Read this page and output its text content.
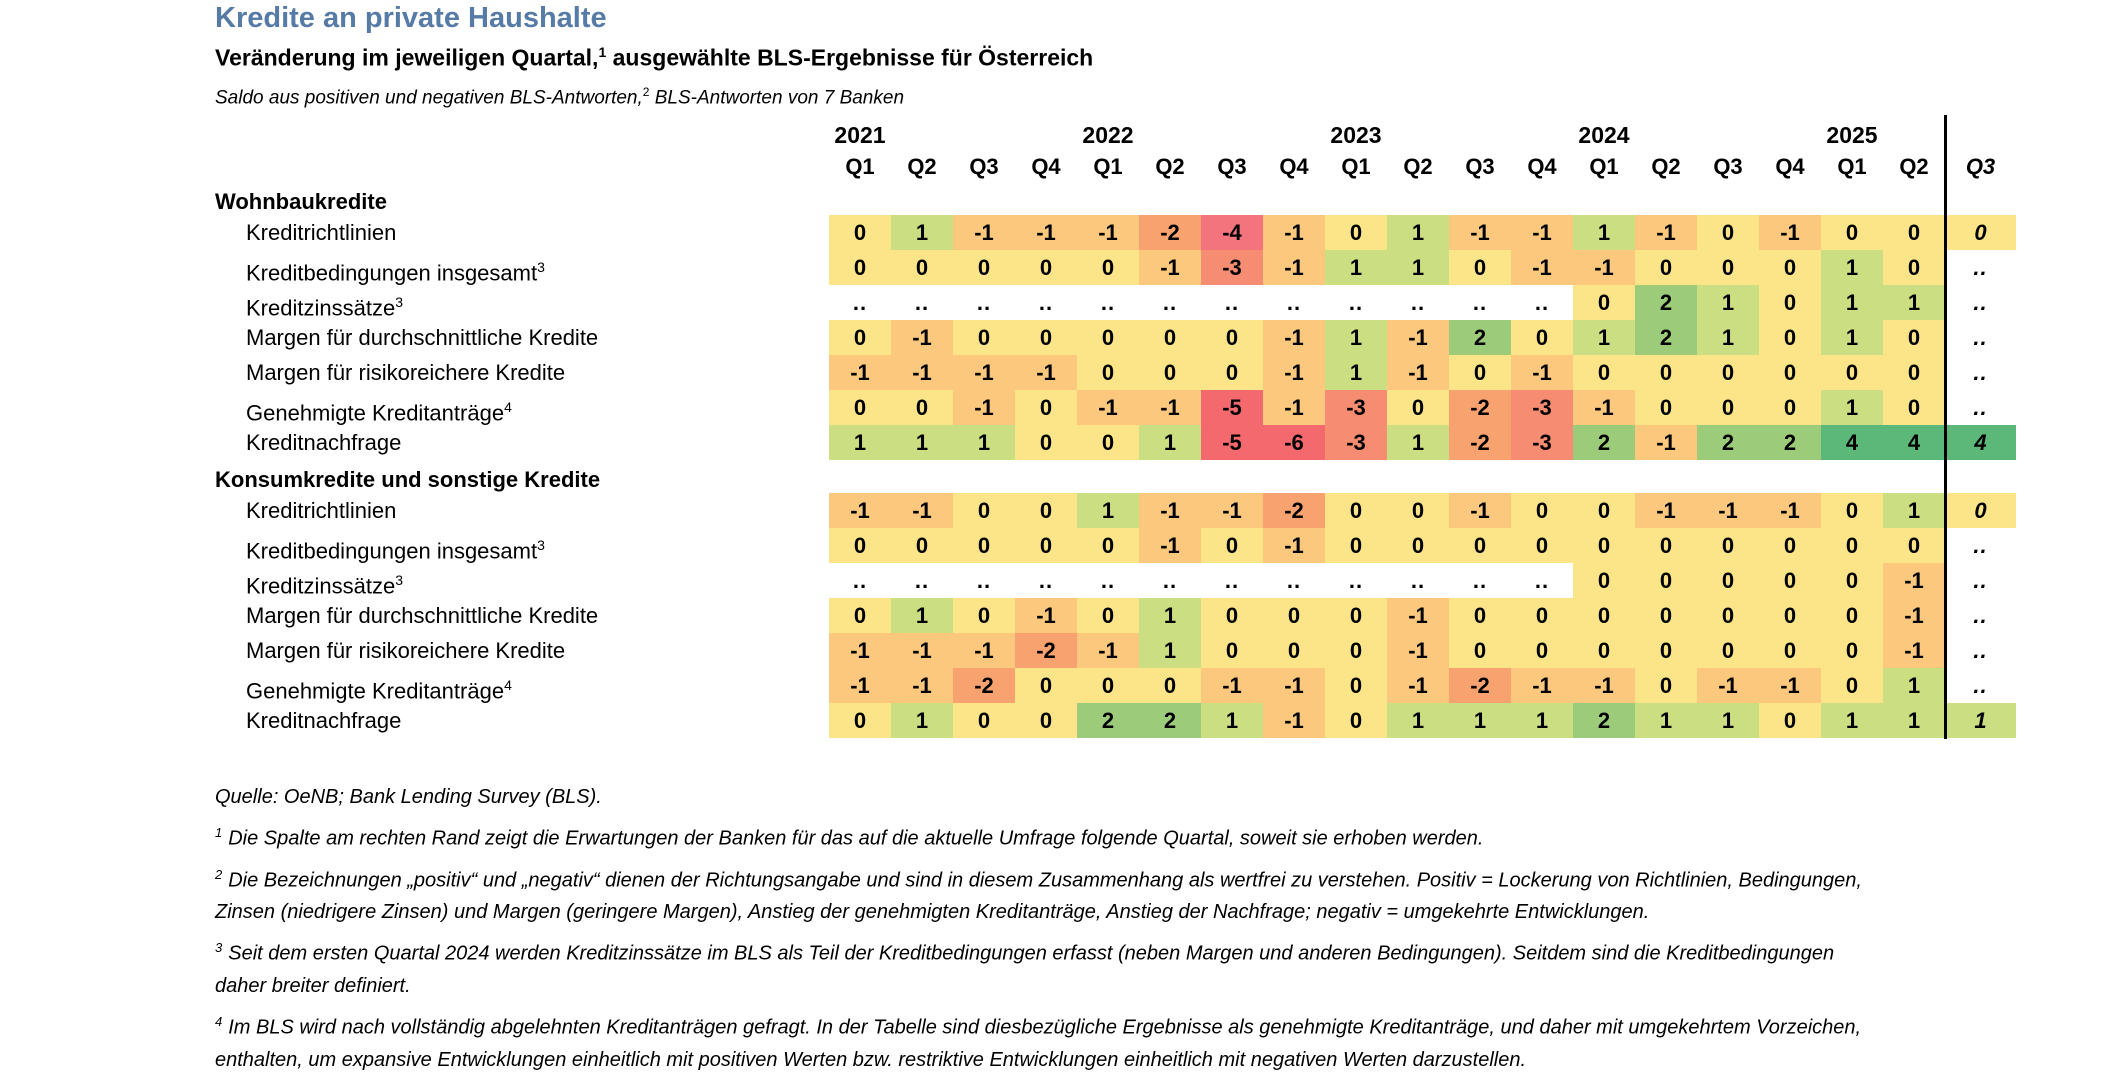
Kredite an private Haushalte
Veränderung im jeweiligen Quartal,$^1$ ausgewählte BLS-Ergebnisse für Österreich
Saldo aus positiven und negativen BLS-Antworten,$^2$ BLS-Antworten von 7 Banken
2021	2022	2023	2024	2025
Q1	Q2	Q3	Q4	Q1	Q2	Q3	Q4	Q1	Q2	Q3	Q4	Q1	Q2	Q3	Q4	Q1	Q2	Q3
Wohnbaukredite
Kreditrichtlinien	0	1	-1	-1	-1	-2	-4	-1	0	1	-1	-1	1	-1	0	-1	0	0	0
Kreditbedingungen insgesamt$^3$	0	0	0	0	0	-1	-3	-1	1	1	0	-1	-1	0	0	0	1	0	..
Kreditzinssätze$^3$	..	..	..	..	..	..	..	..	..	..	..	..	0	2	1	0	1	1	..
Margen für durchschnittliche Kredite	0	-1	0	0	0	0	0	-1	1	-1	2	0	1	2	1	0	1	0	..
Margen für risikoreichere Kredite	-1	-1	-1	-1	0	0	0	-1	1	-1	0	-1	0	0	0	0	0	0	..
Genehmigte Kreditanträge$^4$	0	0	-1	0	-1	-1	-5	-1	-3	0	-2	-3	-1	0	0	0	1	0	..
Kreditnachfrage	1	1	1	0	0	1	-5	-6	-3	1	-2	-3	2	-1	2	2	4	4	4
Konsumkredite und sonstige Kredite
Kreditrichtlinien	-1	-1	0	0	1	-1	-1	-2	0	0	-1	0	0	-1	-1	-1	0	1	0
Kreditbedingungen insgesamt$^3$	0	0	0	0	0	-1	0	-1	0	0	0	0	0	0	0	0	0	0	..
Kreditzinssätze$^3$	..	..	..	..	..	..	..	..	..	..	..	..	0	0	0	0	0	-1	..
Margen für durchschnittliche Kredite	0	1	0	-1	0	1	0	0	0	-1	0	0	0	0	0	0	0	-1	..
Margen für risikoreichere Kredite	-1	-1	-1	-2	-1	1	0	0	0	-1	0	0	0	0	0	0	0	-1	..
Genehmigte Kreditanträge$^4$	-1	-1	-2	0	0	0	-1	-1	0	-1	-2	-1	-1	0	-1	-1	0	1	..
Kreditnachfrage	0	1	0	0	2	2	1	-1	0	1	1	1	2	1	1	0	1	1	1
Quelle: OeNB; Bank Lending Survey (BLS).
$^1$ Die Spalte am rechten Rand zeigt die Erwartungen der Banken für das auf die aktuelle Umfrage folgende Quartal, soweit sie erhoben werden.
$^2$ Die Bezeichnungen „positiv“ und „negativ“ dienen der Richtungsangabe und sind in diesem Zusammenhang als wertfrei zu verstehen. Positiv = Lockerung von Richtlinien, Bedingungen,
Zinsen (niedrigere Zinsen) und Margen (geringere Margen), Anstieg der genehmigten Kreditanträge, Anstieg der Nachfrage; negativ = umgekehrte Entwicklungen.
$^3$ Seit dem ersten Quartal 2024 werden Kreditzinssätze im BLS als Teil der Kreditbedingungen erfasst (neben Margen und anderen Bedingungen). Seitdem sind die Kreditbedingungen
daher breiter definiert.
$^4$ Im BLS wird nach vollständig abgelehnten Kreditanträgen gefragt. In der Tabelle sind diesbezügliche Ergebnisse als genehmigte Kreditanträge, und daher mit umgekehrtem Vorzeichen,
enthalten, um expansive Entwicklungen einheitlich mit positiven Werten bzw. restriktive Entwicklungen einheitlich mit negativen Werten darzustellen.
